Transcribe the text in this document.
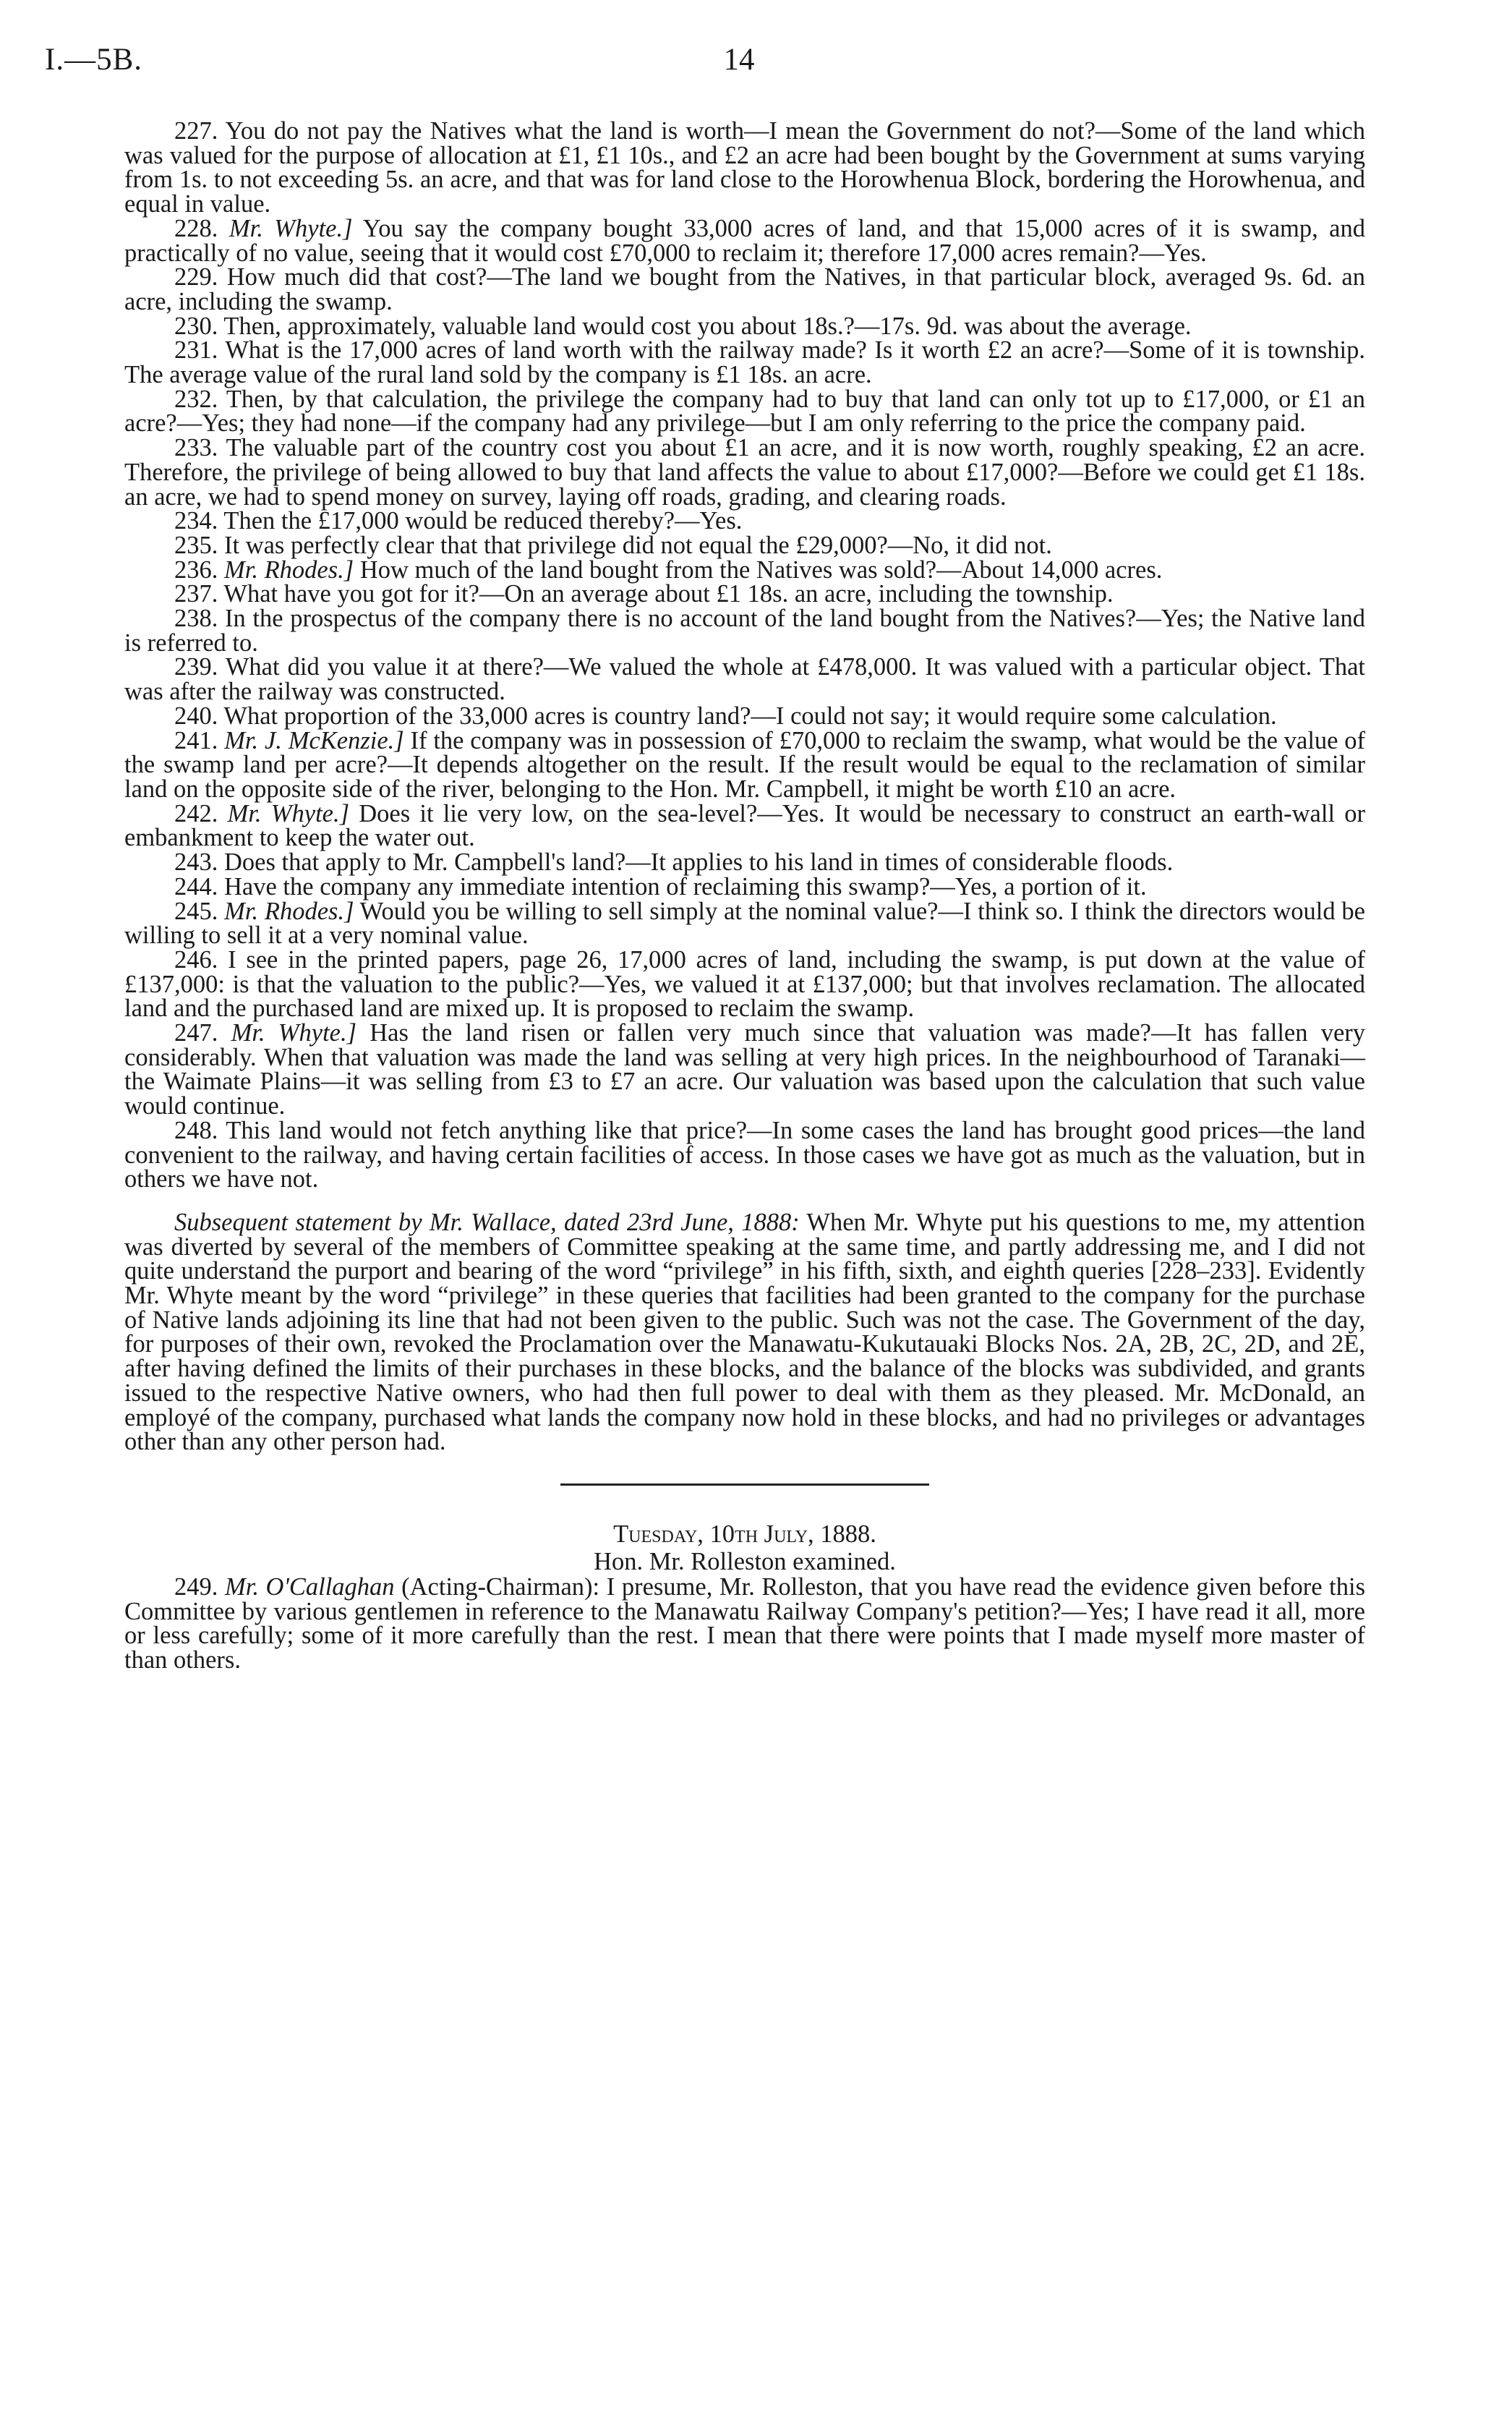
I.—5B.	14

227. You do not pay the Natives what the land is worth—I mean the Government do not?—Some of the land which was valued for the purpose of allocation at £1, £1 10s., and £2 an acre had been bought by the Government at sums varying from 1s. to not exceeding 5s. an acre, and that was for land close to the Horowhenua Block, bordering the Horowhenua, and equal in value.

228. Mr. Whyte.] You say the company bought 33,000 acres of land, and that 15,000 acres of it is swamp, and practically of no value, seeing that it would cost £70,000 to reclaim it; therefore 17,000 acres remain?—Yes.

229. How much did that cost?—The land we bought from the Natives, in that particular block, averaged 9s. 6d. an acre, including the swamp.

230. Then, approximately, valuable land would cost you about 18s.?—17s. 9d. was about the average.

231. What is the 17,000 acres of land worth with the railway made? Is it worth £2 an acre?—Some of it is township. The average value of the rural land sold by the company is £1 18s. an acre.

232. Then, by that calculation, the privilege the company had to buy that land can only tot up to £17,000, or £1 an acre?—Yes; they had none—if the company had any privilege—but I am only referring to the price the company paid.

233. The valuable part of the country cost you about £1 an acre, and it is now worth, roughly speaking, £2 an acre. Therefore, the privilege of being allowed to buy that land affects the value to about £17,000?—Before we could get £1 18s. an acre, we had to spend money on survey, laying off roads, grading, and clearing roads.

234. Then the £17,000 would be reduced thereby?—Yes.

235. It was perfectly clear that that privilege did not equal the £29,000?—No, it did not.

236. Mr. Rhodes.] How much of the land bought from the Natives was sold?—About 14,000 acres.

237. What have you got for it?—On an average about £1 18s. an acre, including the township.

238. In the prospectus of the company there is no account of the land bought from the Natives?—Yes; the Native land is referred to.

239. What did you value it at there?—We valued the whole at £478,000. It was valued with a particular object. That was after the railway was constructed.

240. What proportion of the 33,000 acres is country land?—I could not say; it would require some calculation.

241. Mr. J. McKenzie.] If the company was in possession of £70,000 to reclaim the swamp, what would be the value of the swamp land per acre?—It depends altogether on the result. If the result would be equal to the reclamation of similar land on the opposite side of the river, belonging to the Hon. Mr. Campbell, it might be worth £10 an acre.

242. Mr. Whyte.] Does it lie very low, on the sea-level?—Yes. It would be necessary to construct an earth-wall or embankment to keep the water out.

243. Does that apply to Mr. Campbell's land?—It applies to his land in times of considerable floods.

244. Have the company any immediate intention of reclaiming this swamp?—Yes, a portion of it.

245. Mr. Rhodes.] Would you be willing to sell simply at the nominal value?—I think so. I think the directors would be willing to sell it at a very nominal value.

246. I see in the printed papers, page 26, 17,000 acres of land, including the swamp, is put down at the value of £137,000: is that the valuation to the public?—Yes, we valued it at £137,000; but that involves reclamation. The allocated land and the purchased land are mixed up. It is proposed to reclaim the swamp.

247. Mr. Whyte.] Has the land risen or fallen very much since that valuation was made?—It has fallen very considerably. When that valuation was made the land was selling at very high prices. In the neighbourhood of Taranaki—the Waimate Plains—it was selling from £3 to £7 an acre. Our valuation was based upon the calculation that such value would continue.

248. This land would not fetch anything like that price?—In some cases the land has brought good prices—the land convenient to the railway, and having certain facilities of access. In those cases we have got as much as the valuation, but in others we have not.

Subsequent statement by Mr. Wallace, dated 23rd June, 1888: When Mr. Whyte put his questions to me, my attention was diverted by several of the members of Committee speaking at the same time, and partly addressing me, and I did not quite understand the purport and bearing of the word “privilege” in his fifth, sixth, and eighth queries [228–233]. Evidently Mr. Whyte meant by the word “privilege” in these queries that facilities had been granted to the company for the purchase of Native lands adjoining its line that had not been given to the public. Such was not the case. The Government of the day, for purposes of their own, revoked the Proclamation over the Manawatu-Kukutauaki Blocks Nos. 2A, 2B, 2C, 2D, and 2E, after having defined the limits of their purchases in these blocks, and the balance of the blocks was subdivided, and grants issued to the respective Native owners, who had then full power to deal with them as they pleased. Mr. McDonald, an employé of the company, purchased what lands the company now hold in these blocks, and had no privileges or advantages other than any other person had.

Tuesday, 10th July, 1888.

Hon. Mr. Rolleston examined.

249. Mr. O'Callaghan (Acting-Chairman): I presume, Mr. Rolleston, that you have read the evidence given before this Committee by various gentlemen in reference to the Manawatu Railway Company's petition?—Yes; I have read it all, more or less carefully; some of it more carefully than the rest. I mean that there were points that I made myself more master of than others.
